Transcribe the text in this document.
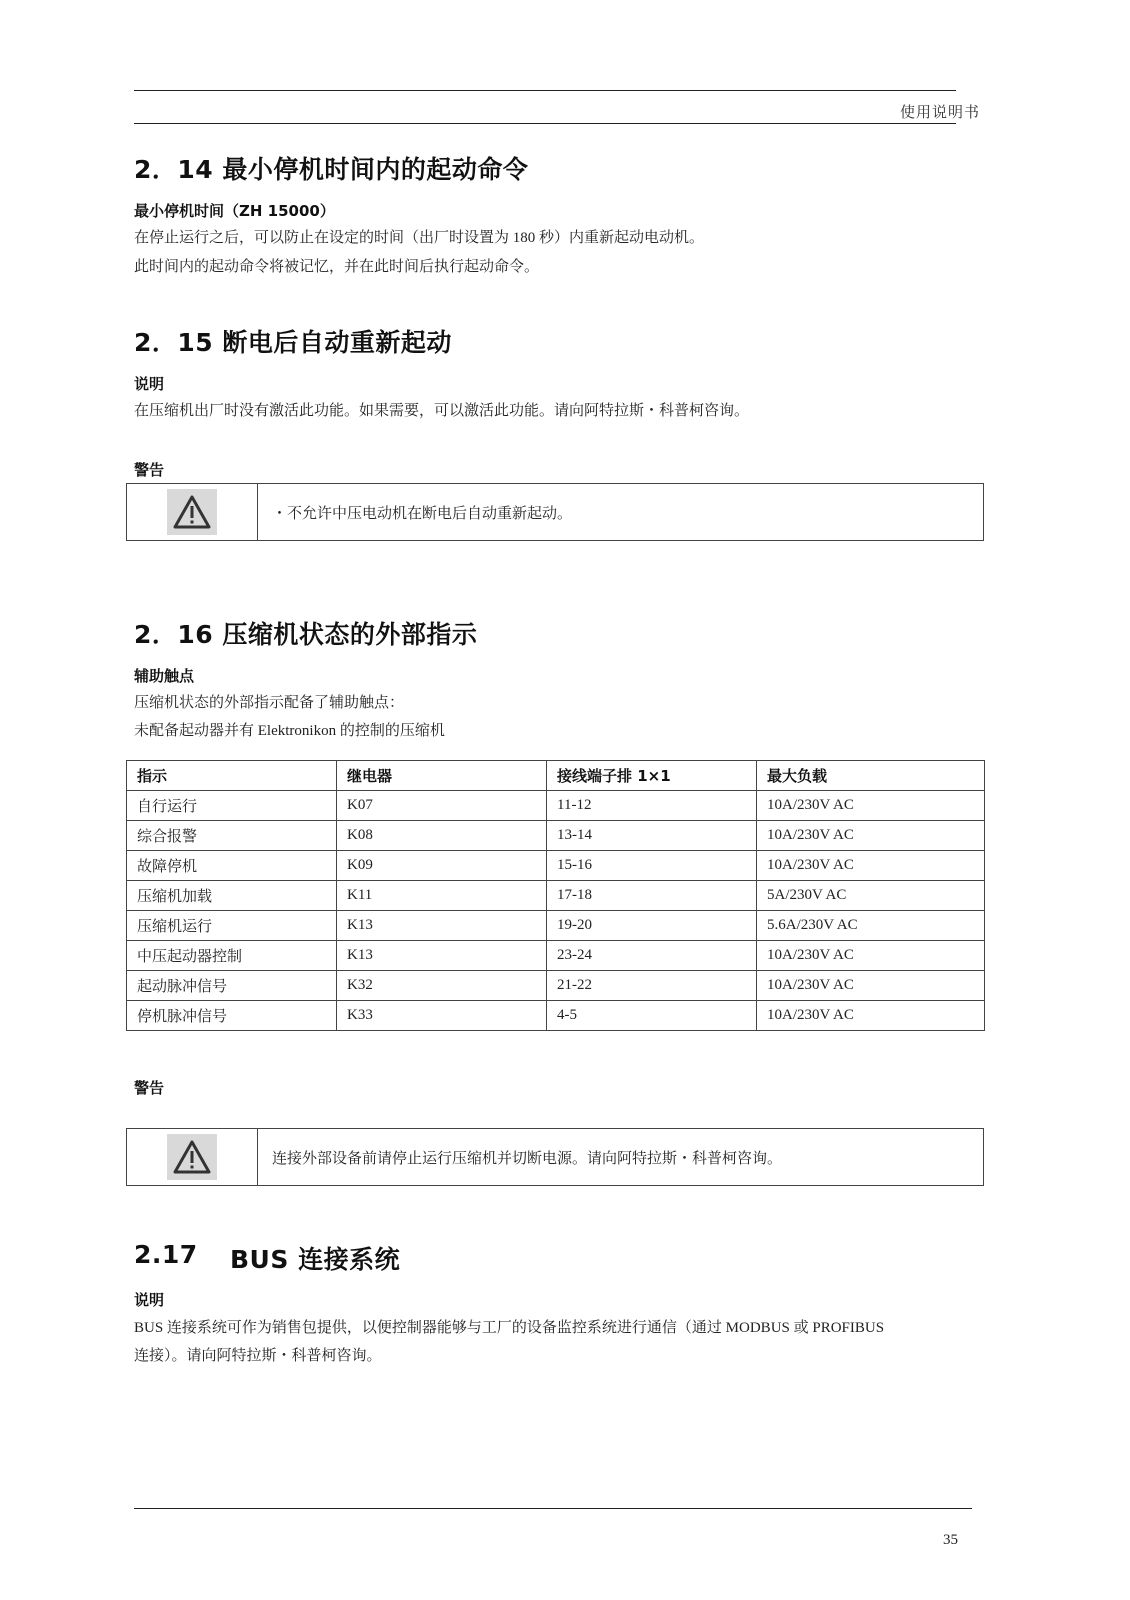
使用说明书
2．14 最小停机时间内的起动命令
最小停机时间（ZH 15000）
在停止运行之后，可以防止在设定的时间（出厂时设置为 180 秒）内重新起动电动机。
此时间内的起动命令将被记忆，并在此时间后执行起动命令。
2．15 断电后自动重新起动
说明
在压缩机出厂时没有激活此功能。如果需要，可以激活此功能。请向阿特拉斯・科普柯咨询。
警告
・不允许中压电动机在断电后自动重新起动。
2．16 压缩机状态的外部指示
辅助触点
压缩机状态的外部指示配备了辅助触点：
未配备起动器并有 Elektronikon 的控制的压缩机
指示	继电器	接线端子排 1×1	最大负载
自行运行	K07	11-12	10A/230V AC
综合报警	K08	13-14	10A/230V AC
故障停机	K09	15-16	10A/230V AC
压缩机加载	K11	17-18	5A/230V AC
压缩机运行	K13	19-20	5.6A/230V AC
中压起动器控制	K13	23-24	10A/230V AC
起动脉冲信号	K32	21-22	10A/230V AC
停机脉冲信号	K33	4-5	10A/230V AC
警告
连接外部设备前请停止运行压缩机并切断电源。请向阿特拉斯・科普柯咨询。
2.17 BUS 连接系统
说明
BUS 连接系统可作为销售包提供，以便控制器能够与工厂的设备监控系统进行通信（通过 MODBUS 或 PROFIBUS
连接）。请向阿特拉斯・科普柯咨询。
35
